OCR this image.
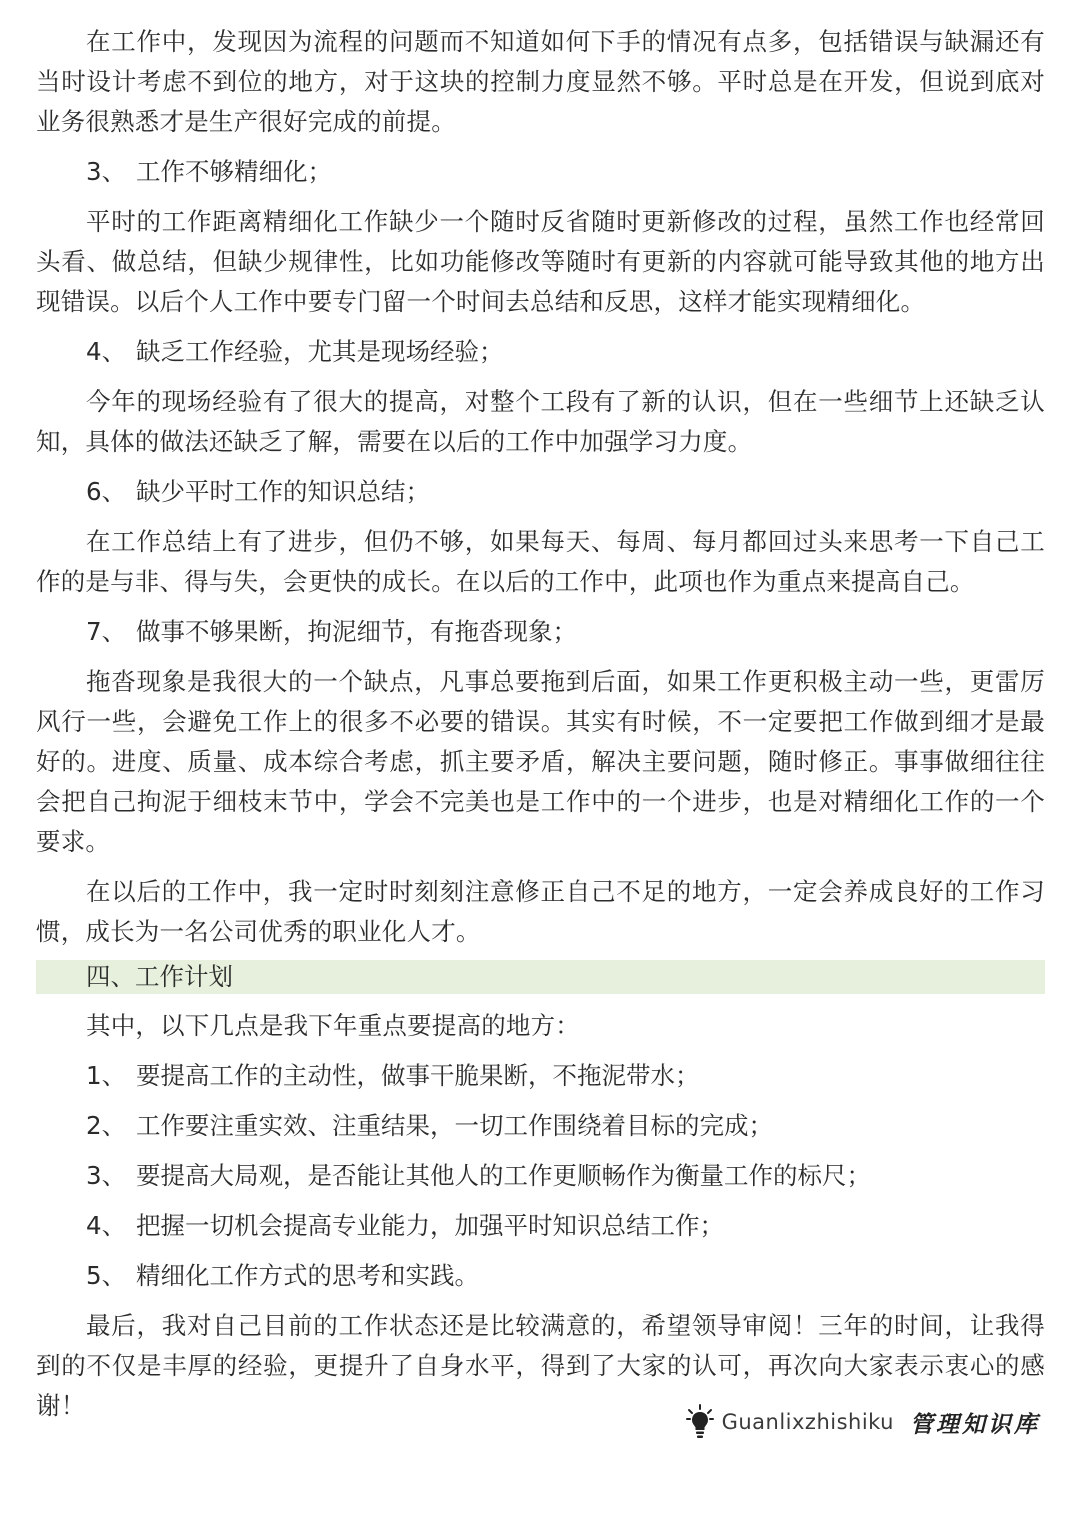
在工作中，发现因为流程的问题而不知道如何下手的情况有点多，包括错误与缺漏还有当时设计考虑不到位的地方，对于这块的控制力度显然不够。平时总是在开发，但说到底对业务很熟悉才是生产很好完成的前提。

3、 工作不够精细化；

平时的工作距离精细化工作缺少一个随时反省随时更新修改的过程，虽然工作也经常回头看、做总结，但缺少规律性，比如功能修改等随时有更新的内容就可能导致其他的地方出现错误。以后个人工作中要专门留一个时间去总结和反思，这样才能实现精细化。

4、 缺乏工作经验，尤其是现场经验；

今年的现场经验有了很大的提高，对整个工段有了新的认识，但在一些细节上还缺乏认知，具体的做法还缺乏了解，需要在以后的工作中加强学习力度。

6、 缺少平时工作的知识总结；

在工作总结上有了进步，但仍不够，如果每天、每周、每月都回过头来思考一下自己工作的是与非、得与失，会更快的成长。在以后的工作中，此项也作为重点来提高自己。

7、 做事不够果断，拘泥细节，有拖沓现象；

拖沓现象是我很大的一个缺点，凡事总要拖到后面，如果工作更积极主动一些，更雷厉风行一些，会避免工作上的很多不必要的错误。其实有时候，不一定要把工作做到细才是最好的。进度、质量、成本综合考虑，抓主要矛盾，解决主要问题，随时修正。事事做细往往会把自己拘泥于细枝末节中，学会不完美也是工作中的一个进步，也是对精细化工作的一个要求。

在以后的工作中，我一定时时刻刻注意修正自己不足的地方，一定会养成良好的工作习惯，成长为一名公司优秀的职业化人才。

四、工作计划

其中，以下几点是我下年重点要提高的地方：

1、 要提高工作的主动性，做事干脆果断，不拖泥带水；
2、 工作要注重实效、注重结果，一切工作围绕着目标的完成；
3、 要提高大局观，是否能让其他人的工作更顺畅作为衡量工作的标尺；
4、 把握一切机会提高专业能力，加强平时知识总结工作；
5、 精细化工作方式的思考和实践。

最后，我对自己目前的工作状态还是比较满意的，希望领导审阅！三年的时间，让我得到的不仅是丰厚的经验，更提升了自身水平，得到了大家的认可，再次向大家表示衷心的感谢！

Guanlixzhishiku 管理知识库
